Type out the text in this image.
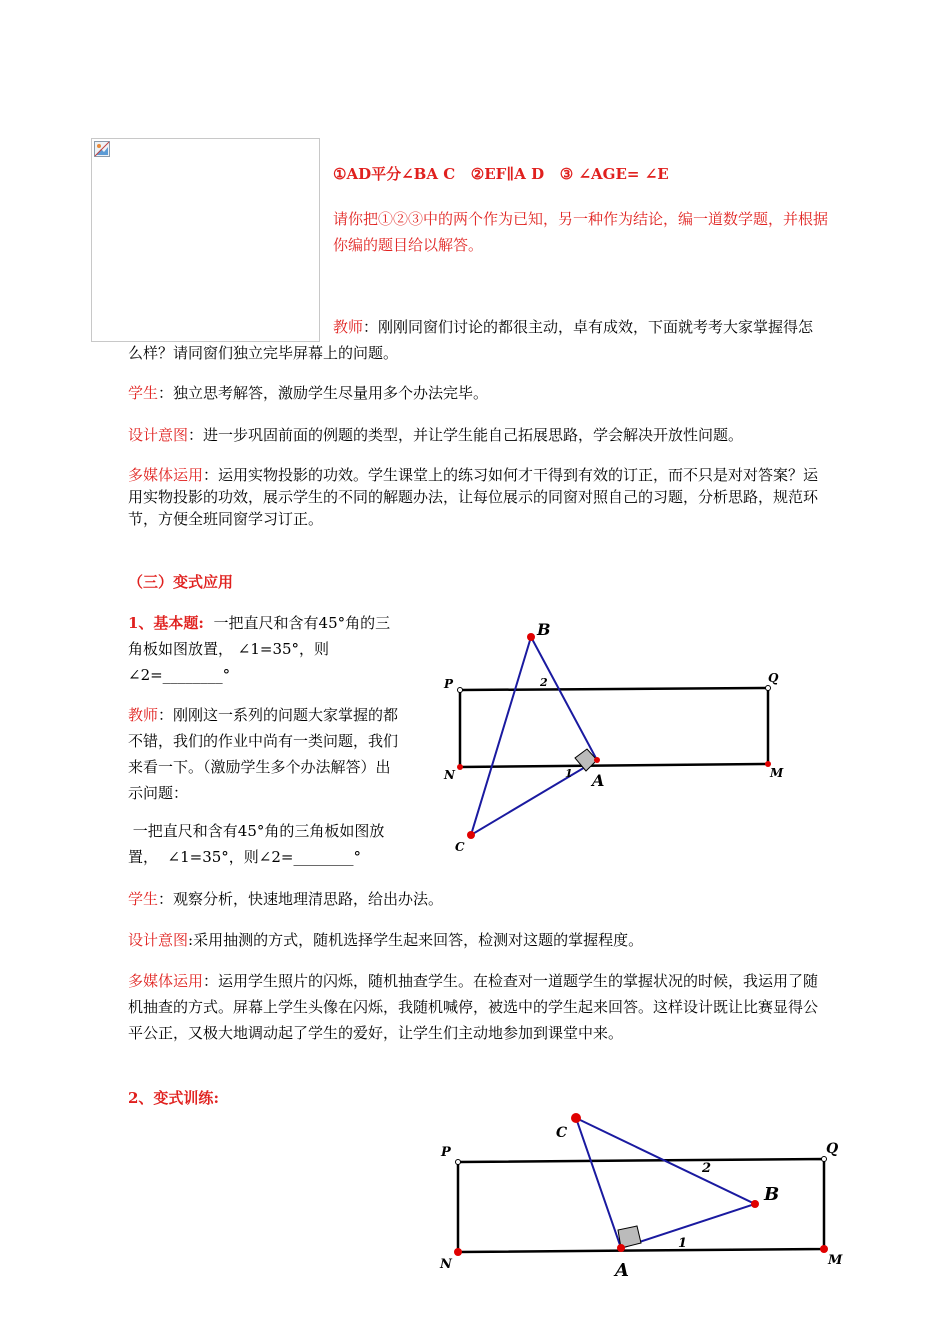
①AD平分∠BA C   ②EF∥A D   ③ ∠AGE= ∠E
请你把①②③中的两个作为已知，另一种作为结论，编一道数学题，并根据你编的题目给以解答。
教师：刚刚同窗们讨论的都很主动，卓有成效，下面就考考大家掌握得怎么样？请同窗们独立完毕屏幕上的问题。
学生：独立思考解答，激励学生尽量用多个办法完毕。
设计意图：进一步巩固前面的例题的类型，并让学生能自己拓展思路，学会解决开放性问题。
多媒体运用：运用实物投影的功效。学生课堂上的练习如何才干得到有效的订正，而不只是对对答案？运用实物投影的功效，展示学生的不同的解题办法，让每位展示的同窗对照自己的习题，分析思路，规范环节，方便全班同窗学习订正。
（三）变式应用
1、基本题: 一把直尺和含有45°角的三角板如图放置， ∠1=35°，则∠2=________°
教师：刚刚这一系列的问题大家掌握的都不错，我们的作业中尚有一类问题，我们来看一下。（激励学生多个办法解答）出示问题：
一把直尺和含有45°角的三角板如图放置，  ∠1=35°，则∠2=________°
学生：观察分析，快速地理清思路，给出办法。
设计意图:采用抽测的方式，随机选择学生起来回答，检测对这题的掌握程度。
多媒体运用：运用学生照片的闪烁，随机抽查学生。在检查对一道题学生的掌握状况的时候，我运用了随机抽查的方式。屏幕上学生头像在闪烁，我随机喊停，被选中的学生起来回答。这样设计既让比赛显得公平公正，又极大地调动起了学生的爱好，让学生们主动地参加到课堂中来。
2、变式训练:
B
P	Q
2
N	1 A	M
C
C
P	Q
2
B
1
N	A	M
